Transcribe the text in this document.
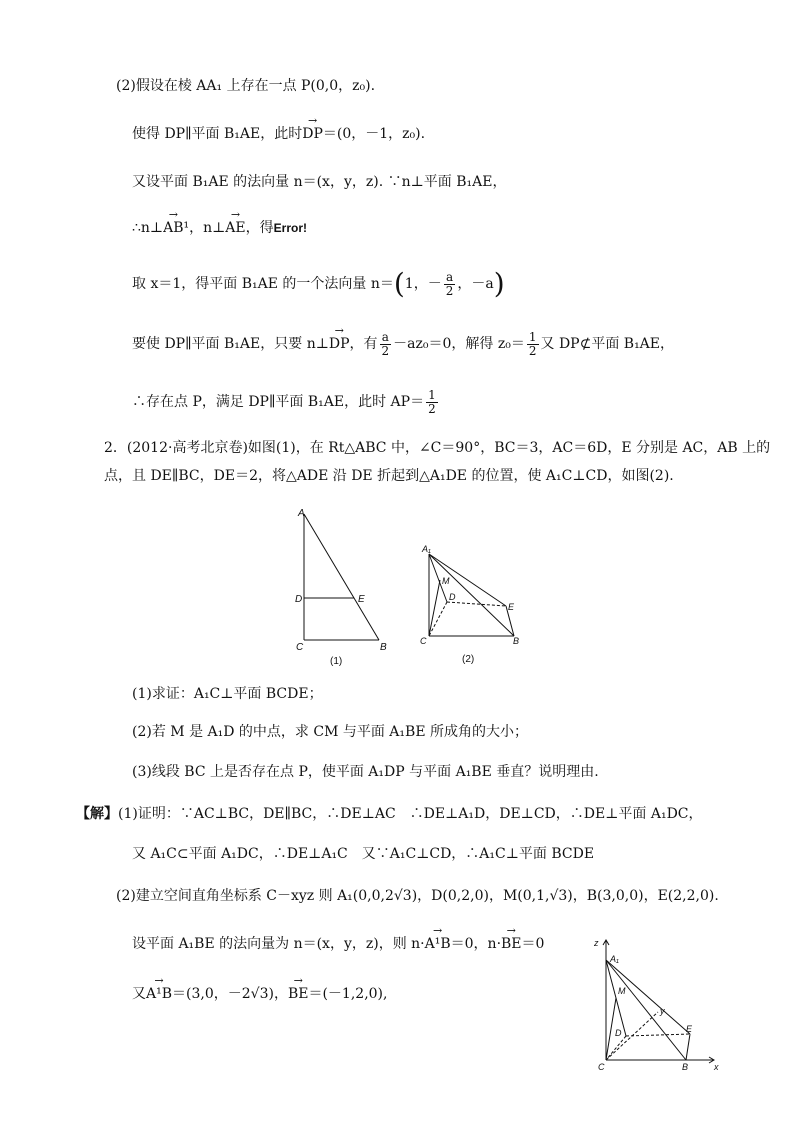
(2)假设在棱 AA₁ 上存在一点 P(0,0，z₀).
使得 DP∥平面 B₁AE，此时→ DP＝(0，－1，z₀).
又设平面 B₁AE 的法向量 n＝(x，y，z). ∵n⊥平面 B₁AE，
∴n⊥→ AB¹，n⊥→ AE，得Error!
取 x＝1，得平面 B₁AE 的一个法向量 n＝(1，－ $\frac{a}{2}$ ，－a)
要使 DP∥平面 B₁AE，只要 n⊥→ DP，有 $\frac{a}{2} -az_0=0$，解得 $z_0= \frac{1}{2}$ 又 DP⊄平面 B₁AE，
∴存在点 P，满足 DP∥平面 B₁AE，此时 $AP= \frac{1}{2}$
2．(2012·高考北京卷)如图(1)，在 Rt△ABC 中，∠C＝90°，BC＝3，AC＝6D，E 分别是 AC，AB 上的
点，且 DE∥BC，DE＝2，将△ADE 沿 DE 折起到△A₁DE 的位置，使 A₁C⊥CD，如图(2).
A
D	E
C	B
(1)
A₁
M
D
E
C	B
(2)
(1)求证：A₁C⊥平面 BCDE；
(2)若 M 是 A₁D 的中点，求 CM 与平面 A₁BE 所成角的大小；
(3)线段 BC 上是否存在点 P，使平面 A₁DP 与平面 A₁BE 垂直？说明理由.
【解】(1)证明：∵AC⊥BC，DE∥BC，∴DE⊥AC　∴DE⊥A₁D，DE⊥CD，∴DE⊥平面 A₁DC，
又 A₁C⊂平面 A₁DC，∴DE⊥A₁C　又∵A₁C⊥CD，∴A₁C⊥平面 BCDE
(2)建立空间直角坐标系 C－xyz 则 A₁(0,0,2√3)，D(0,2,0)，M(0,1,√3)，B(3,0,0)，E(2,2,0).
设平面 A₁BE 的法向量为 n＝(x，y，z)，则 n·→ A¹B＝0，n·→ BE＝0
又→ A¹B＝(3,0，－2√3)，→ BE＝(－1,2,0),
z
A₁
M
y
D	E
C	B	x
